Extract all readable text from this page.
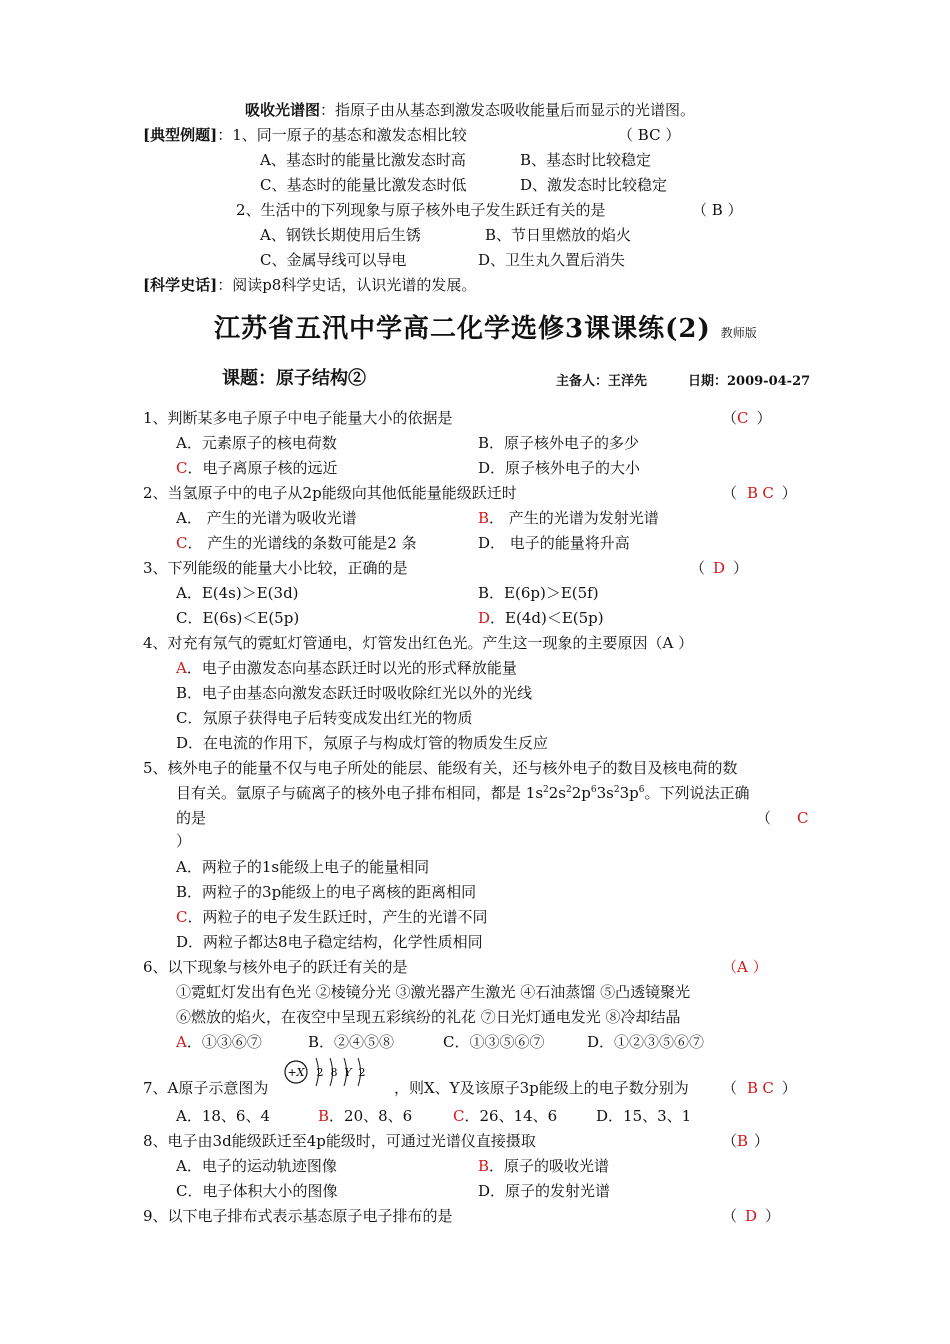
吸收光谱图：指原子由从基态到激发态吸收能量后而显示的光谱图。
[典型例题]：1、同一原子的基态和激发态相比较	（ BC ）
A、基态时的能量比激发态时高	B、基态时比较稳定
C、基态时的能量比激发态时低	D、激发态时比较稳定
2、生活中的下列现象与原子核外电子发生跃迁有关的是	（ B ）
A、钢铁长期使用后生锈	B、节日里燃放的焰火
C、金属导线可以导电	D、卫生丸久置后消失
[科学史话]：阅读p8科学史话，认识光谱的发展。
江苏省五汛中学高二化学选修3课课练(2) 教师版
课题：原子结构②	主备人：王洋先	日期：2009-04-27
1、判断某多电子原子中电子能量大小的依据是	（C ）
A．元素原子的核电荷数	B．原子核外电子的多少
C．电子离原子核的远近	D．原子核外电子的大小
2、当氢原子中的电子从2p能级向其他低能量能级跃迁时	（ BC ）
A． 产生的光谱为吸收光谱	B． 产生的光谱为发射光谱
C． 产生的光谱线的条数可能是2 条	D． 电子的能量将升高
3、下列能级的能量大小比较，正确的是	（ D ）
A．E(4s)＞E(3d)	B．E(6p)＞E(5f)
C．E(6s)＜E(5p)	D．E(4d)＜E(5p)
4、对充有氖气的霓虹灯管通电，灯管发出红色光。产生这一现象的主要原因（A ）
A．电子由激发态向基态跃迁时以光的形式释放能量
B．电子由基态向激发态跃迁时吸收除红光以外的光线
C．氖原子获得电子后转变成发出红光的物质
D．在电流的作用下，氖原子与构成灯管的物质发生反应
5、核外电子的能量不仅与电子所处的能层、能级有关，还与核外电子的数目及核电荷的数
目有关。氩原子与硫离子的核外电子排布相同，都是 $1s^22s^22p^63s^23p^6$。下列说法正确
的是	（ C
）
A．两粒子的1s能级上电子的能量相同
B．两粒子的3p能级上的电子离核的距离相同
C．两粒子的电子发生跃迁时，产生的光谱不同
D．两粒子都达8电子稳定结构，化学性质相同
6、以下现象与核外电子的跃迁有关的是	（A ）
①霓虹灯发出有色光 ②棱镜分光 ③激光器产生激光 ④石油蒸馏 ⑤凸透镜聚光
⑥燃放的焰火，在夜空中呈现五彩缤纷的礼花 ⑦日光灯通电发光 ⑧冷却结晶
A．①③⑥⑦	B．②④⑤⑧	C．①③⑤⑥⑦	D．①②③⑤⑥⑦
7、A原子示意图为
+X 2 8 Y 2
，则X、Y及该原子3p能级上的电子数分别为 （ BC ）
A．18、6、4	B．20、8、6	C．26、14、6	D．15、3、1
8、电子由3d能级跃迁至4p能级时，可通过光谱仪直接摄取	（B ）
A．电子的运动轨迹图像	B．原子的吸收光谱
C．电子体积大小的图像	D．原子的发射光谱
9、以下电子排布式表示基态原子电子排布的是	（ D ）
